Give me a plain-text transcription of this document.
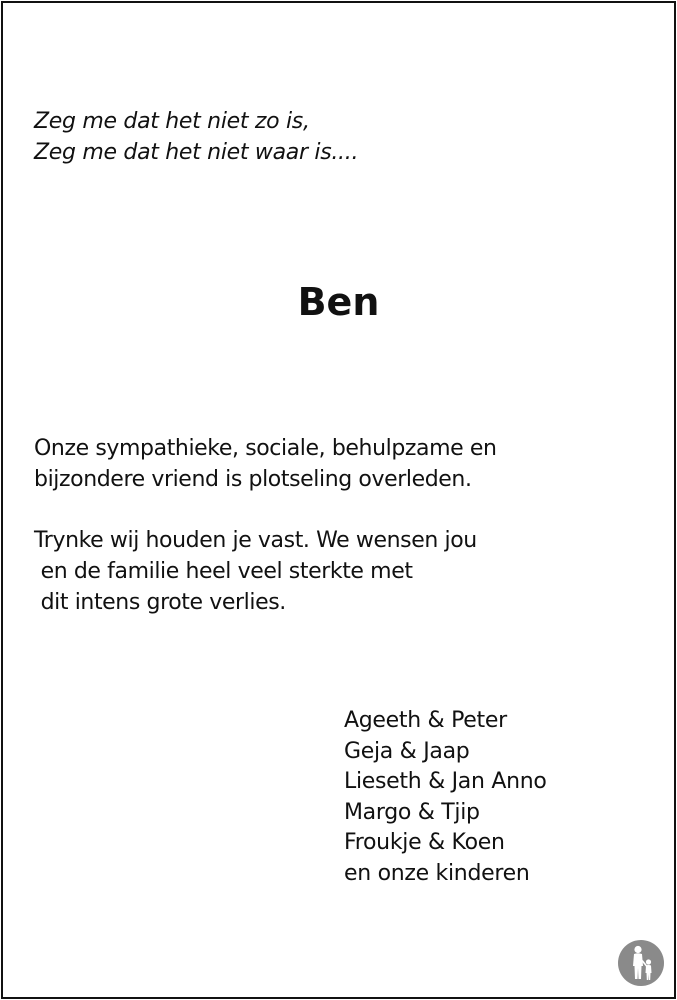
Zeg me dat het niet zo is,
Zeg me dat het niet waar is....
Ben
Onze sympathieke, sociale, behulpzame en
bijzondere vriend is plotseling overleden.
Trynke wij houden je vast. We wensen jou
en de familie heel veel sterkte met
dit intens grote verlies.
Ageeth & Peter
Geja & Jaap
Lieseth & Jan Anno
Margo & Tjip
Froukje & Koen
en onze kinderen
